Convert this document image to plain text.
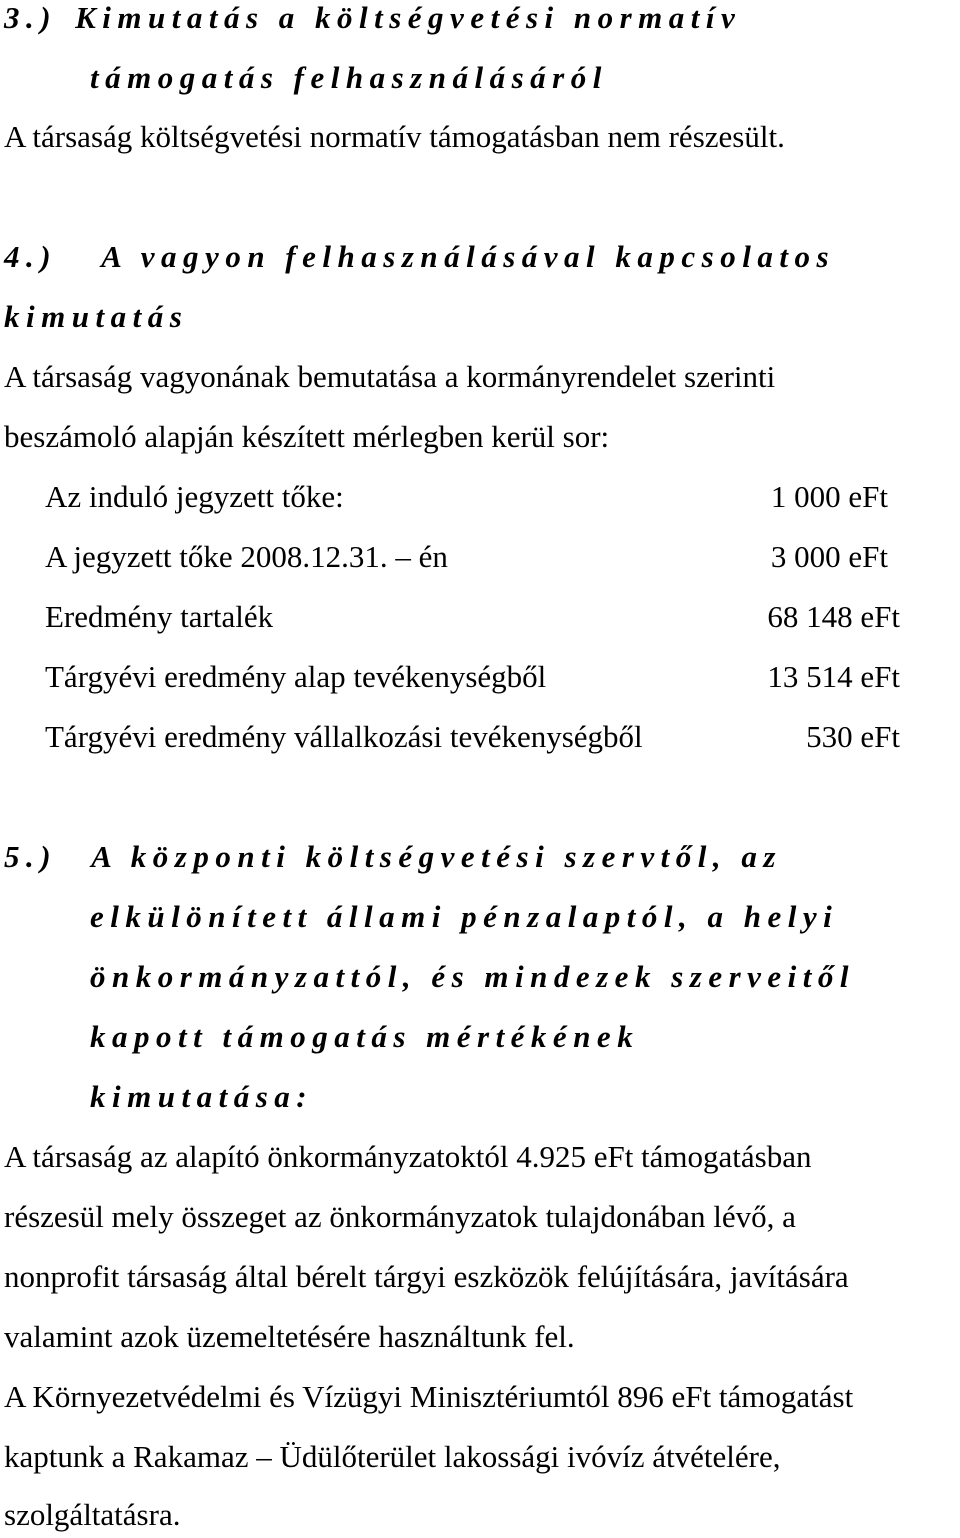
3.) Kimutatás a költségvetési normatív
támogatás felhasználásáról
A társaság költségvetési normatív támogatásban nem részesült.
4.) A vagyon felhasználásával kapcsolatos
kimutatás
A társaság vagyonának bemutatása a kormányrendelet szerinti
beszámoló alapján készített mérlegben kerül sor:
Az induló jegyzett tőke:	1 000 eFt
A jegyzett tőke 2008.12.31. – én	3 000 eFt
Eredmény tartalék	68 148 eFt
Tárgyévi eredmény alap tevékenységből	13 514 eFt
Tárgyévi eredmény vállalkozási tevékenységből	530 eFt
5.) A központi költségvetési szervtől, az
elkülönített állami pénzalaptól, a helyi
önkormányzattól, és mindezek szerveitől
kapott támogatás mértékének
kimutatása:
A társaság az alapító önkormányzatoktól 4.925 eFt támogatásban
részesül mely összeget az önkormányzatok tulajdonában lévő, a
nonprofit társaság által bérelt tárgyi eszközök felújítására, javítására
valamint azok üzemeltetésére használtunk fel.
A Környezetvédelmi és Vízügyi Minisztériumtól 896 eFt támogatást
kaptunk a Rakamaz – Üdülőterület lakossági ivóvíz átvételére,
szolgáltatásra.
